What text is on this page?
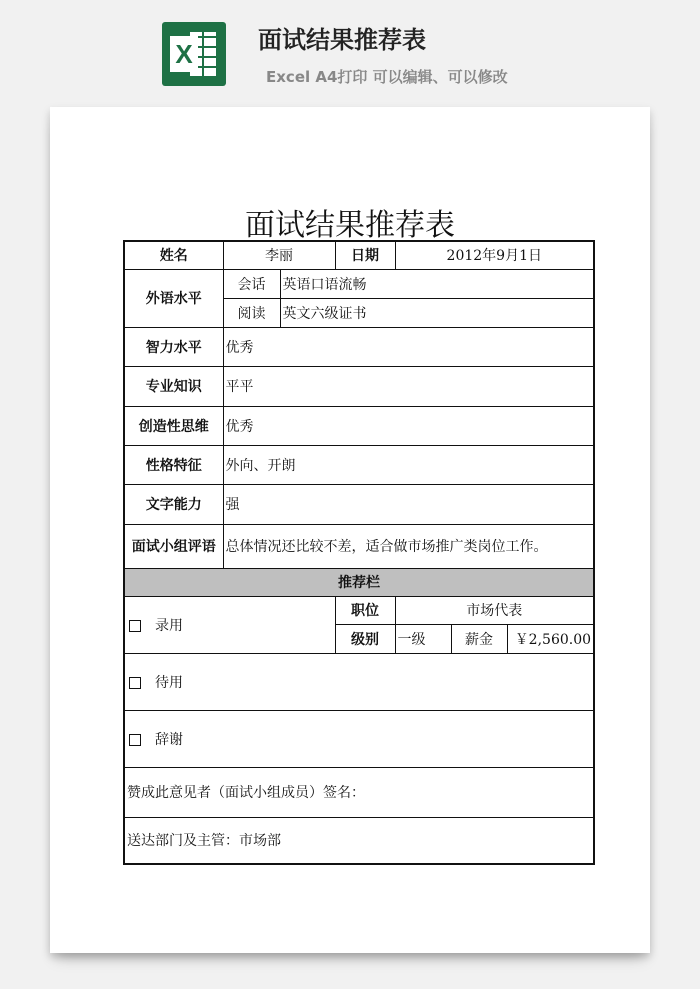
X	面试结果推荐表
Excel A4打印 可以编辑、可以修改
面试结果推荐表
姓名	李丽		日期	2012年9月1日		
外语水平	会话	英语口语流畅				
	阅读	英文六级证书				
智力水平	优秀					
专业知识	平平					
创造性思维	优秀					
性格特征	外向、开朗					
文字能力	强					
面试小组评语	总体情况还比较不差，适合做市场推广类岗位工作。					
推荐栏						
录用			职位	市场代表		
			级别	一级	薪金	￥2,560.00
待用						
辞谢						
赞成此意见者（面试小组成员）签名：						
送达部门及主管：市场部						
